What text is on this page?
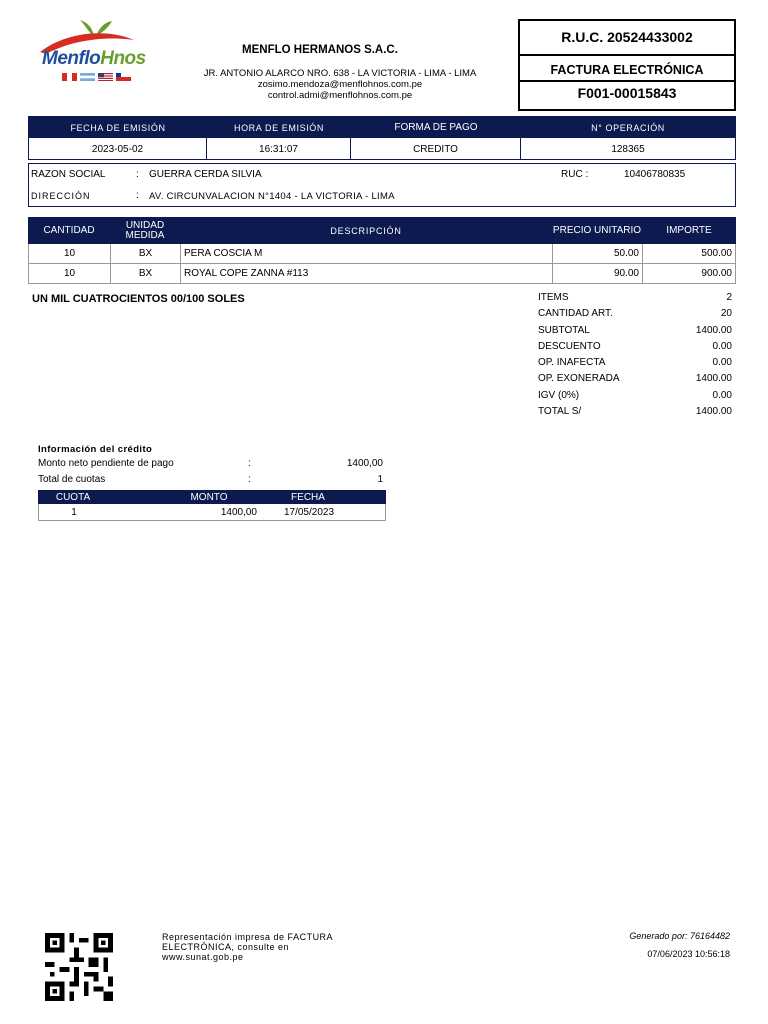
MenfloHnos	MENFLO HERMANOS S.A.C.
JR. ANTONIO ALARCO NRO. 638 - LA VICTORIA - LIMA - LIMA
zosimo.mendoza@menflohnos.com.pe
control.admi@menflohnos.com.pe
R.U.C. 20524433002
FACTURA ELECTRÓNICA
F001-00015843
FECHA DE EMISIÓN	HORA DE EMISIÓN	FORMA DE PAGO	N° OPERACIÓN
2023-05-02	16:31:07	CREDITO	128365
RAZON SOCIAL	: GUERRA CERDA SILVIA	RUC :	10406780835
DIRECCIÓN	: AV. CIRCUNVALACION N°1404 - LA VICTORIA - LIMA
CANTIDAD	UNIDAD MEDIDA	DESCRIPCIÓN	PRECIO UNITARIO	IMPORTE
10	BX	PERA COSCIA M	50.00	500.00
10	BX	ROYAL COPE ZANNA #113	90.00	900.00
UN MIL CUATROCIENTOS 00/100 SOLES	ITEMS	2
CANTIDAD ART.	20
SUBTOTAL	1400.00
DESCUENTO	0.00
OP. INAFECTA	0.00
OP. EXONERADA	1400.00
IGV (0%)	0.00
TOTAL S/	1400.00
Información del crédito
Monto neto pendiente de pago	:	1400,00
Total de cuotas	:	1
CUOTA	MONTO	FECHA
1	1400,00	17/05/2023
Representación impresa de FACTURA ELECTRÓNICA, consulte en www.sunat.gob.pe
Generado por: 76164482
07/06/2023 10:56:18
